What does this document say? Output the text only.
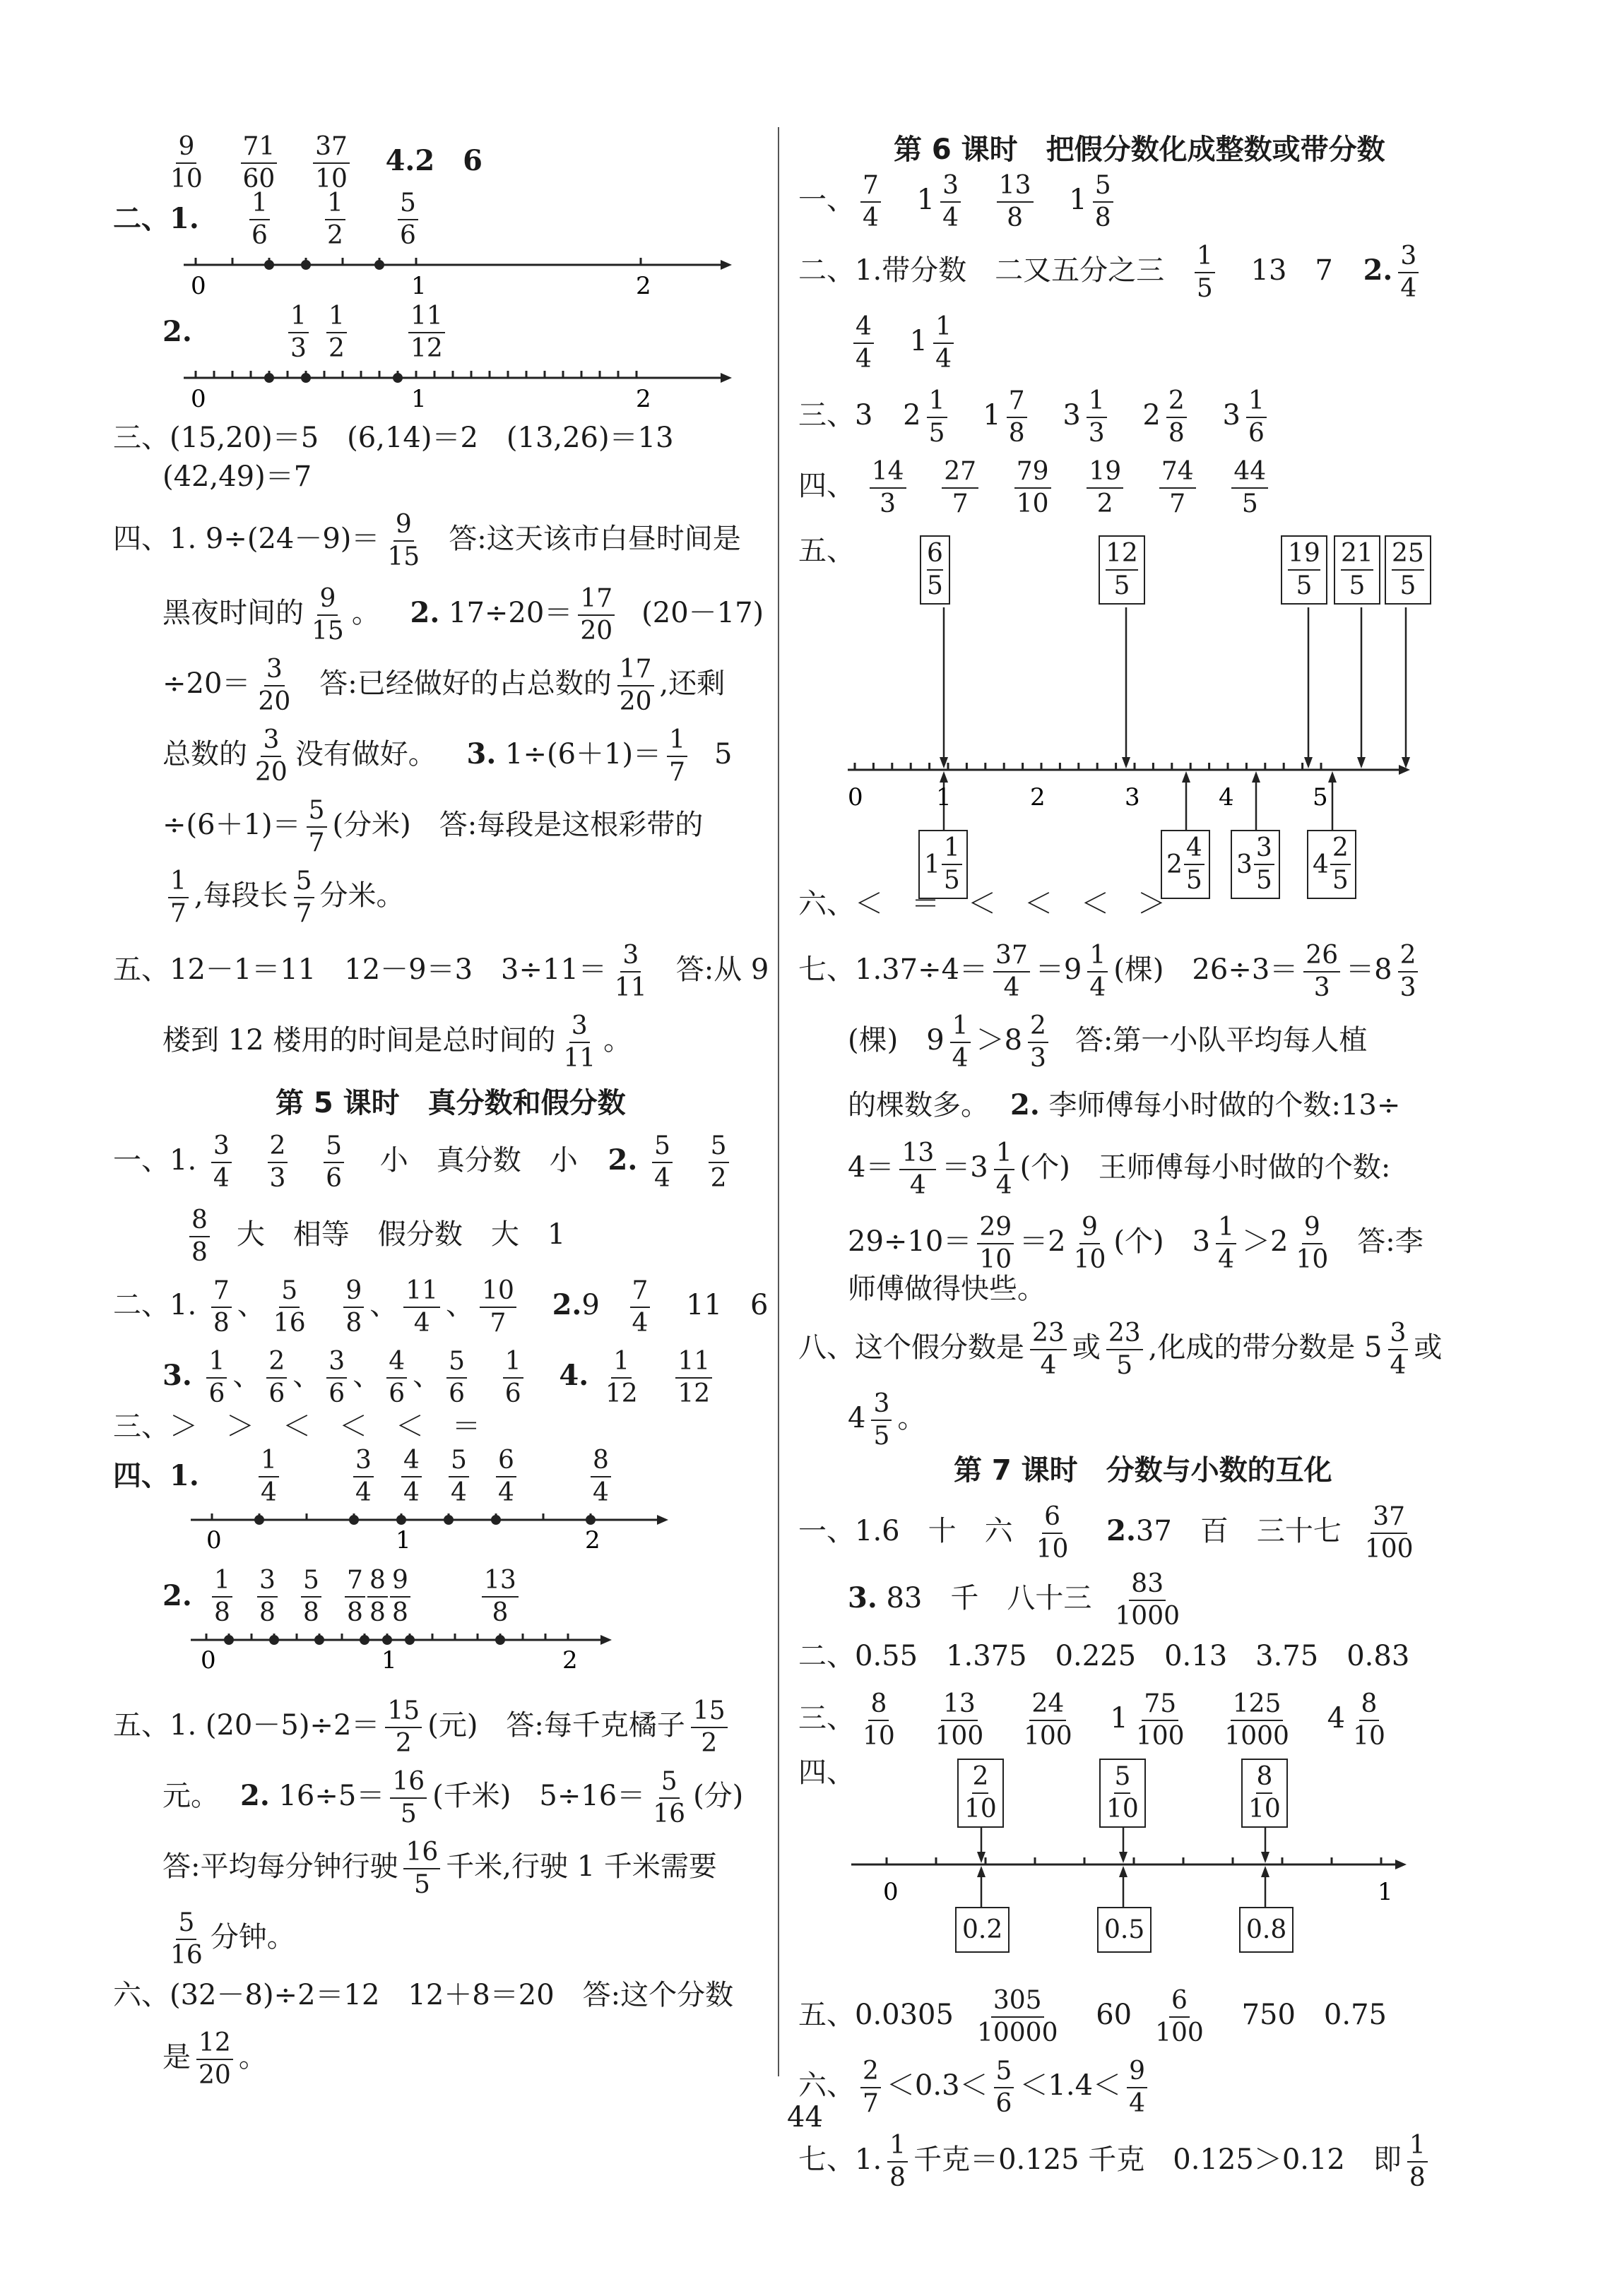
$\frac{9}{10}$
$\frac{71}{60}$
$\frac{37}{10} 4.2$　6
二、1. $\frac{1}{6} \frac{1}{2} \frac{5}{6}$
0	1	2
2.	$\frac{1}{3} \frac{1}{2} \frac{11}{12}$
0	1	2
三、(15,20)＝5　(6,14)＝2　(13,26)＝13
(42,49)＝7
四、1. $9\div(24-9)= \frac{9}{15}$ 答:这天该市白昼时间是
黑夜时间的 $\frac{9}{15}$ 。 2. $17\div 20= \frac{17}{20} (20-17)$
$\div 20= \frac{3}{20}$ 答:已经做好的占总数的 $\frac{17}{20}$ ,还剩
总数的 $\frac{3}{20}$ 没有做好。 3. $1\div(6+1)= \frac{1}{7} 5$
$\div(6+1)= \frac{5}{7}$ (分米)　答:每段是这根彩带的
$\frac{1}{7}$ ,每段长 $\frac{5}{7}$ 分米。
五、12－1＝11　12－9＝3　$3\div 11= \frac{3}{11}$ 答:从 9
楼到 12 楼用的时间是总时间的 $\frac{3}{11}$ 。
第 5 课时　真分数和假分数
一、1. $\frac{3}{4}$
$\frac{2}{3}$
$\frac{5}{6}$ 小　真分数　小 2. $\frac{5}{4}$
$\frac{5}{2}$
$\frac{8}{8}$ 大　相等　假分数　大　1
二、1. $\frac{7}{8}$ 、 $\frac{5}{16}$
$\frac{9}{8}$ 、 $\frac{11}{4}$ 、 $\frac{10}{7} 2.9 \frac{7}{4} 11$　6
3. $\frac{1}{6}$ 、 $\frac{2}{6}$ 、 $\frac{3}{6}$ 、 $\frac{4}{6}$ 、 $\frac{5}{6}$
$\frac{1}{6} 4$. $\frac{1}{12}$
$\frac{11}{12}$
三、＞　＞　＜　＜　＜　＝
四、1. $\frac{1}{4}$	$\frac{3}{4} \frac{4}{4} \frac{5}{4} \frac{6}{4}$	$\frac{8}{4}$
0	1	2
2. $\frac{1}{8} \frac{3}{8} \frac{5}{8} \frac{7}{8} \frac{8}{8} \frac{9}{8}$	$\frac{13}{8}$
0	1	2
五、1. $(20-5)\div 2= \frac{15}{2}$ (元)　答:每千克橘子 $\frac{15}{2}$
元。 2. $16\div 5= \frac{16}{5}$ (千米)　$5\div 16= \frac{5}{16}$ (分)
答:平均每分钟行驶 $\frac{16}{5}$ 千米,行驶 1 千米需要
$\frac{5}{16}$ 分钟。
六、(32－8)÷2＝12　12＋8＝20　答:这个分数
是 $\frac{12}{20}$ 。
第 6 课时　把假分数化成整数或带分数
一、 $\frac{7}{4} 1 \frac{3}{4}$
$\frac{13}{8} 1 \frac{5}{8}$
二、1.带分数　二又五分之三 $\frac{1}{5} 13$　7 2. $\frac{3}{4}$
$\frac{4}{4} 1 \frac{1}{4}$
三、3 $2 \frac{1}{5} 1 \frac{7}{8} 3 \frac{1}{3} 2 \frac{2}{8} 3 \frac{1}{6}$
四、 $\frac{14}{3}$
$\frac{27}{7}$
$\frac{79}{10}$
$\frac{19}{2}$
$\frac{74}{7}$
$\frac{44}{5}$
五、
0	1	2	3	4	5
$\frac{6}{5}$	$\frac{12}{5}$	$\frac{19}{5} \frac{21}{5} \frac{25}{5}$
$1 \frac{1}{5}$	$2 \frac{4}{5} 3 \frac{3}{5} 4 \frac{2}{5}$
六、＜　＝　＜　＜　＜　＞
七、$1.37\div 4= \frac{37}{4} =9 \frac{1}{4}$ (棵)　$26\div 3= \frac{26}{3} =8 \frac{2}{3}$
(棵)　$9 \frac{1}{4} >8 \frac{2}{3}$ 答:第一小队平均每人植
的棵数多。 2. 李师傅每小时做的个数:13÷
$4= \frac{13}{4} =3 \frac{1}{4}$ (个)　王师傅每小时做的个数:
$29\div 10= \frac{29}{10} =2 \frac{9}{10}$ (个)　$3 \frac{1}{4} >2 \frac{9}{10}$ 答:李
师傅做得快些。
八、这个假分数是 $\frac{23}{4}$ 或 $\frac{23}{5}$ ,化成的带分数是 $5 \frac{3}{4}$ 或
$4 \frac{3}{5}$ 。
第 7 课时　分数与小数的互化
一、1.6　十　六 $\frac{6}{10} 2.37$　百　三十七 $\frac{37}{100}$
3. 83　千　八十三 $\frac{83}{1000}$
二、0.55　1.375　0.225　0.13　3.75　0.83
三、 $\frac{8}{10}$
$\frac{13}{100}$
$\frac{24}{100} 1 \frac{75}{100}$
$\frac{125}{1000} 4 \frac{8}{10}$
四、
0	1
$\frac{2}{10}$	$\frac{5}{10}$	$\frac{8}{10}$
0.2	0.5	0.8
五、$0.0305 \frac{305}{10000} 60 \frac{6}{100} 750$　0.75
六、 $\frac{2}{7} <0.3< \frac{5}{6} <1.4< \frac{9}{4}$
七、1. $\frac{1}{8}$ 千克＝0.125 千克　0.125＞0.12　即 $\frac{1}{8}$
44
